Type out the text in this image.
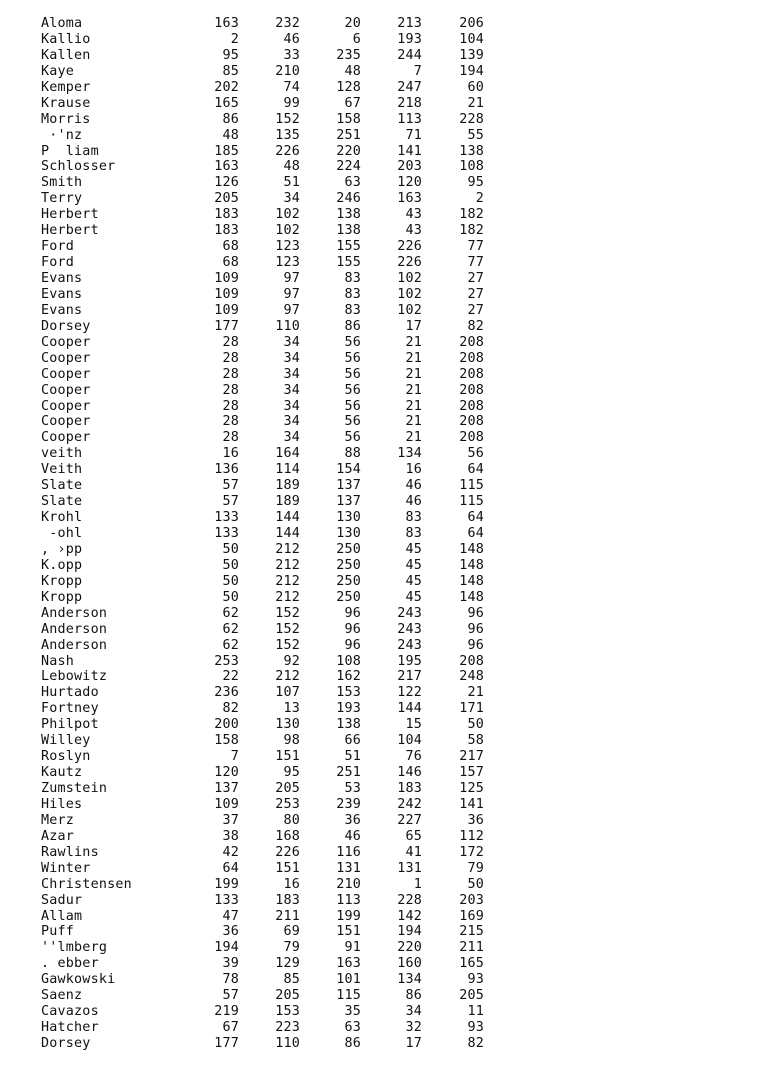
Aloma	163	232	20	213	206
Kallio	2	46	6	193	104
Kallen	95	33	235	244	139
Kaye	85	210	48	7	194
Kemper	202	74	128	247	60
Krause	165	99	67	218	21
Morris	86	152	158	113	228
·'nz	48	135	251	71	55
P  liam	185	226	220	141	138
Schlosser	163	48	224	203	108
Smith	126	51	63	120	95
Terry	205	34	246	163	2
Herbert	183	102	138	43	182
Herbert	183	102	138	43	182
Ford	68	123	155	226	77
Ford	68	123	155	226	77
Evans	109	97	83	102	27
Evans	109	97	83	102	27
Evans	109	97	83	102	27
Dorsey	177	110	86	17	82
Cooper	28	34	56	21	208
Cooper	28	34	56	21	208
Cooper	28	34	56	21	208
Cooper	28	34	56	21	208
Cooper	28	34	56	21	208
Cooper	28	34	56	21	208
Cooper	28	34	56	21	208
veith	16	164	88	134	56
Veith	136	114	154	16	64
Slate	57	189	137	46	115
Slate	57	189	137	46	115
Krohl	133	144	130	83	64
-ohl	133	144	130	83	64
, ›pp	50	212	250	45	148
K.opp	50	212	250	45	148
Kropp	50	212	250	45	148
Kropp	50	212	250	45	148
Anderson	62	152	96	243	96
Anderson	62	152	96	243	96
Anderson	62	152	96	243	96
Nash	253	92	108	195	208
Lebowitz	22	212	162	217	248
Hurtado	236	107	153	122	21
Fortney	82	13	193	144	171
Philpot	200	130	138	15	50
Willey	158	98	66	104	58
Roslyn	7	151	51	76	217
Kautz	120	95	251	146	157
Zumstein	137	205	53	183	125
Hiles	109	253	239	242	141
Merz	37	80	36	227	36
Azar	38	168	46	65	112
Rawlins	42	226	116	41	172
Winter	64	151	131	131	79
Christensen	199	16	210	1	50
Sadur	133	183	113	228	203
Allam	47	211	199	142	169
Puff	36	69	151	194	215
''lmberg	194	79	91	220	211
. ebber	39	129	163	160	165
Gawkowski	78	85	101	134	93
Saenz	57	205	115	86	205
Cavazos	219	153	35	34	11
Hatcher	67	223	63	32	93
Dorsey	177	110	86	17	82
